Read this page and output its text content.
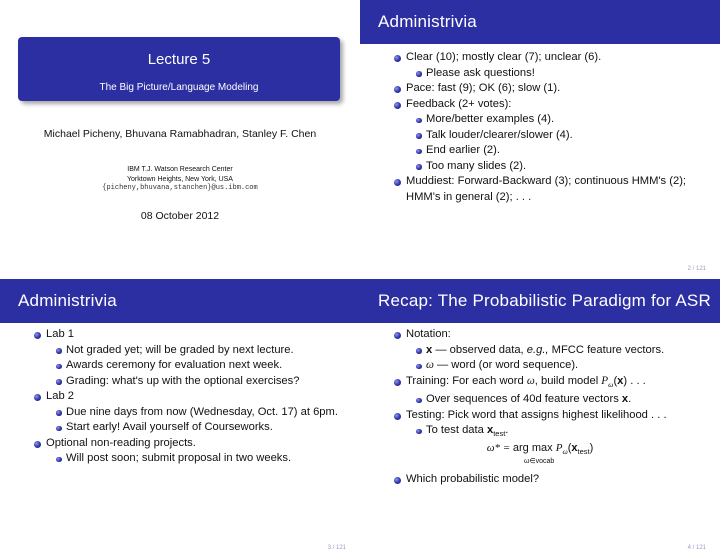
Lecture 5
The Big Picture/Language Modeling
Michael Picheny, Bhuvana Ramabhadran, Stanley F. Chen
IBM T.J. Watson Research Center
Yorktown Heights, New York, USA
{picheny,bhuvana,stanchen}@us.ibm.com
08 October 2012
Administrivia
Clear (10); mostly clear (7); unclear (6).
Please ask questions!
Pace: fast (9); OK (6); slow (1).
Feedback (2+ votes):
More/better examples (4).
Talk louder/clearer/slower (4).
End earlier (2).
Too many slides (2).
Muddiest: Forward-Backward (3); continuous HMM's (2);
HMM's in general (2); . . .
2 / 121
Administrivia
Lab 1
Not graded yet; will be graded by next lecture.
Awards ceremony for evaluation next week.
Grading: what's up with the optional exercises?
Lab 2
Due nine days from now (Wednesday, Oct. 17) at 6pm.
Start early! Avail yourself of Courseworks.
Optional non-reading projects.
Will post soon; submit proposal in two weeks.
3 / 121
Recap: The Probabilistic Paradigm for ASR
Notation:
x — observed data, e.g., MFCC feature vectors.
ω — word (or word sequence).
Training: For each word ω, build model $P_\omega(x)$ . . .
Over sequences of 40d feature vectors x.
Testing: Pick word that assigns highest likelihood . . .
To test data $x_{test}$.
ω* = arg $\max P_\omega(x_{test})$
ω∈vocab
Which probabilistic model?
4 / 121
